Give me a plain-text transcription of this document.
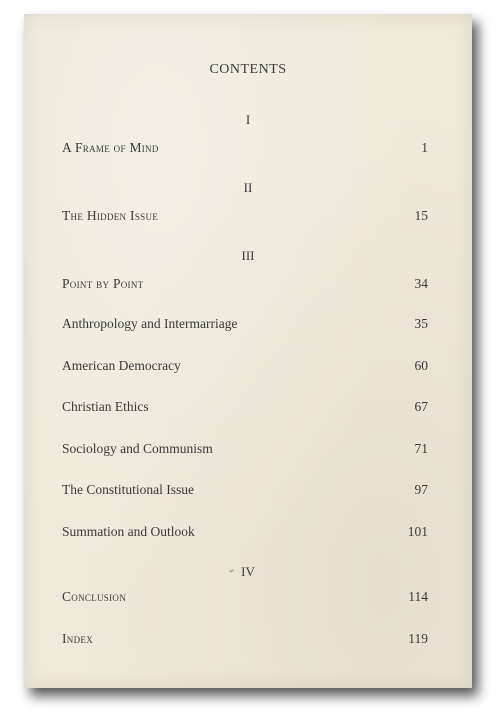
CONTENTS
I
A Frame of Mind	1
II
The Hidden Issue	15
III
Point by Point	34
Anthropology and Intermarriage	35
American Democracy	60
Christian Ethics	67
Sociology and Communism	71
The Constitutional Issue	97
Summation and Outlook	101
IV
Conclusion	114
Index	119
